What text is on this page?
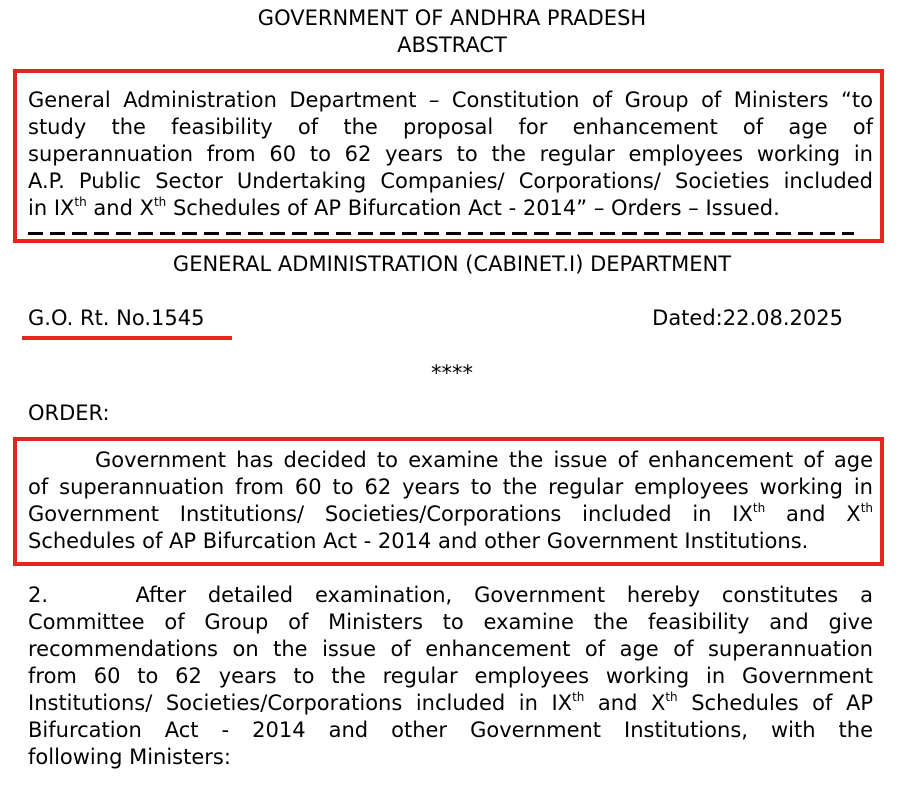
GOVERNMENT OF ANDHRA PRADESH
ABSTRACT
General Administration Department – Constitution of Group of Ministers “to
study the feasibility of the proposal for enhancement of age of
superannuation from 60 to 62 years to the regular employees working in
A.P. Public Sector Undertaking Companies/ Corporations/ Societies included
in IXth and Xth Schedules of AP Bifurcation Act - 2014” – Orders – Issued.
GENERAL ADMINISTRATION (CABINET.I) DEPARTMENT
G.O. Rt. No.1545	Dated:22.08.2025
****
ORDER:
Government has decided to examine the issue of enhancement of age
of superannuation from 60 to 62 years to the regular employees working in
Government Institutions/ Societies/Corporations included in IXth and Xth
Schedules of AP Bifurcation Act - 2014 and other Government Institutions.
2.    After detailed examination, Government hereby constitutes a
Committee of Group of Ministers to examine the feasibility and give
recommendations on the issue of enhancement of age of superannuation
from 60 to 62 years to the regular employees working in Government
Institutions/ Societies/Corporations included in IXth and Xth Schedules of AP
Bifurcation Act - 2014 and other Government Institutions, with the
following Ministers:
